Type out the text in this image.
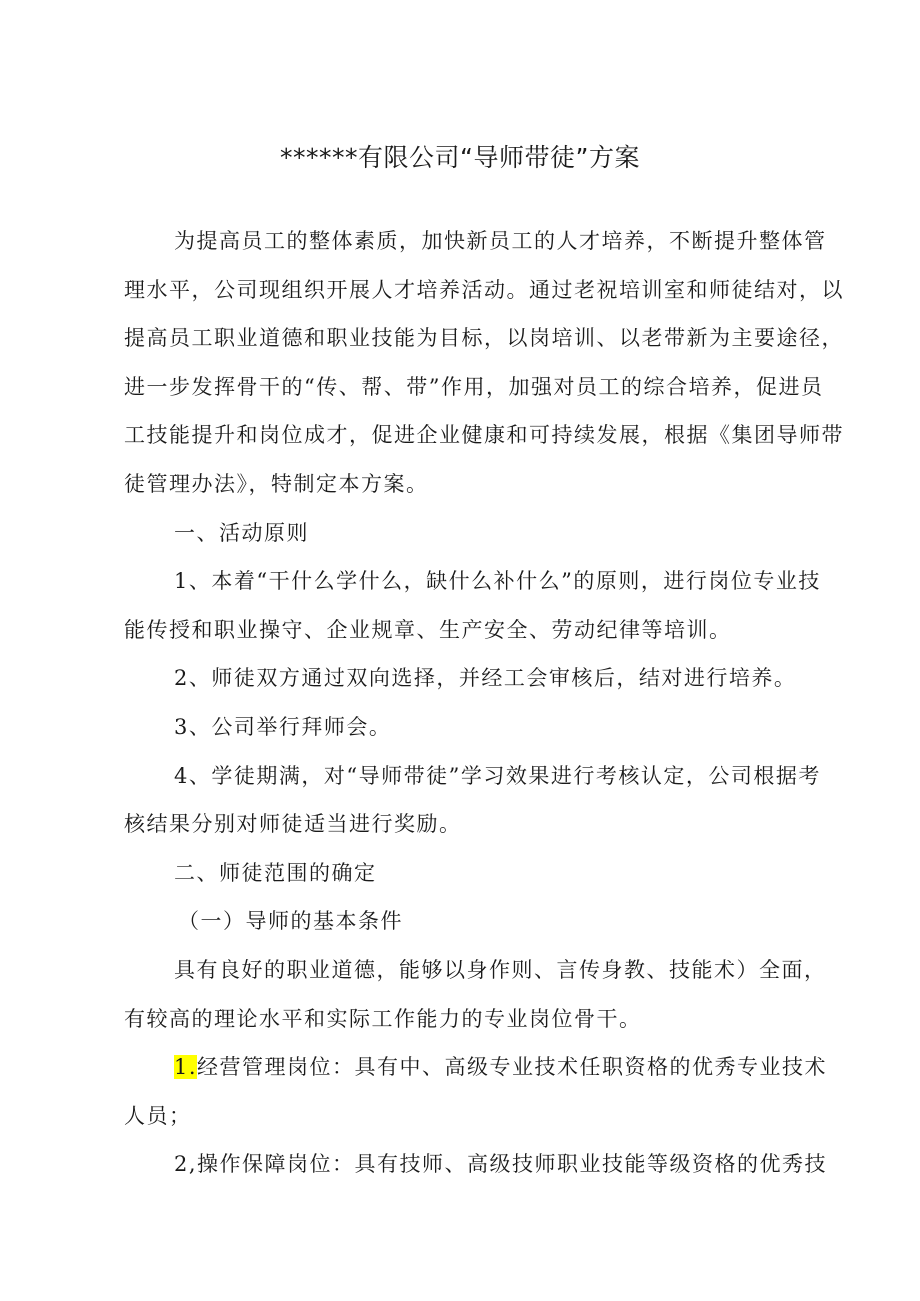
******有限公司“导师带徒”方案
为提高员工的整体素质，加快新员工的人才培养，不断提升整体管
理水平，公司现组织开展人才培养活动。通过老祝培训室和师徒结对，以
提高员工职业道德和职业技能为目标，以岗培训、以老带新为主要途径，
进一步发挥骨干的“传、帮、带”作用，加强对员工的综合培养，促进员
工技能提升和岗位成才，促进企业健康和可持续发展，根据《集团导师带
徒管理办法》，特制定本方案。
一、活动原则
1、本着“干什么学什么，缺什么补什么”的原则，进行岗位专业技
能传授和职业操守、企业规章、生产安全、劳动纪律等培训。
2、师徒双方通过双向选择，并经工会审核后，结对进行培养。
3、公司举行拜师会。
4、学徒期满，对“导师带徒”学习效果进行考核认定，公司根据考
核结果分别对师徒适当进行奖励。
二、师徒范围的确定
（一）导师的基本条件
具有良好的职业道德，能够以身作则、言传身教、技能术）全面，
有较高的理论水平和实际工作能力的专业岗位骨干。
1.经营管理岗位：具有中、高级专业技术任职资格的优秀专业技术
人员；
2,操作保障岗位：具有技师、高级技师职业技能等级资格的优秀技
